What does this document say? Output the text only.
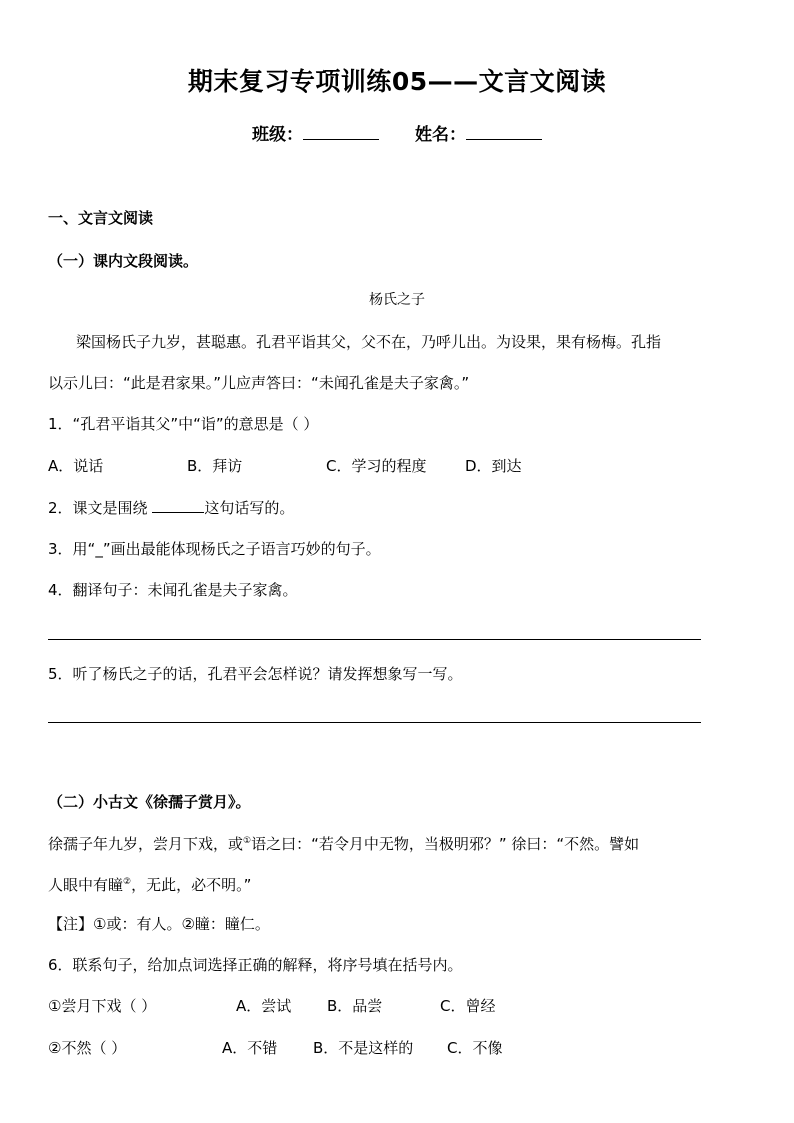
期末复习专项训练05——文言文阅读
班级：	姓名：
一、文言文阅读
（一）课内文段阅读。
杨氏之子
梁国杨氏子九岁，甚聪惠。孔君平诣其父，父不在，乃呼儿出。为设果，果有杨梅。孔指
以示儿曰：“此是君家果。”儿应声答曰：“未闻孔雀是夫子家禽。”
1．“孔君平诣其父”中“诣”的意思是（ ）
A．说话	B．拜访	C．学习的程度	D．到达
2．课文是围绕	这句话写的。
3．用“_”画出最能体现杨氏之子语言巧妙的句子。
4．翻译句子：未闻孔雀是夫子家禽。
5．听了杨氏之子的话，孔君平会怎样说？请发挥想象写一写。
（二）小古文《徐孺子赏月》。
徐孺子年九岁，尝月下戏，或①语之曰：“若令月中无物，当极明邪？” 徐曰：“不然。譬如
人眼中有瞳②，无此，必不明。”
【注】①或：有人。②瞳：瞳仁。
6．联系句子，给加点词选择正确的解释，将序号填在括号内。
①尝月下戏（ ）	A．尝试 B．品尝	C．曾经
②不然（ ）	A．不错 B．不是这样的 C．不像
